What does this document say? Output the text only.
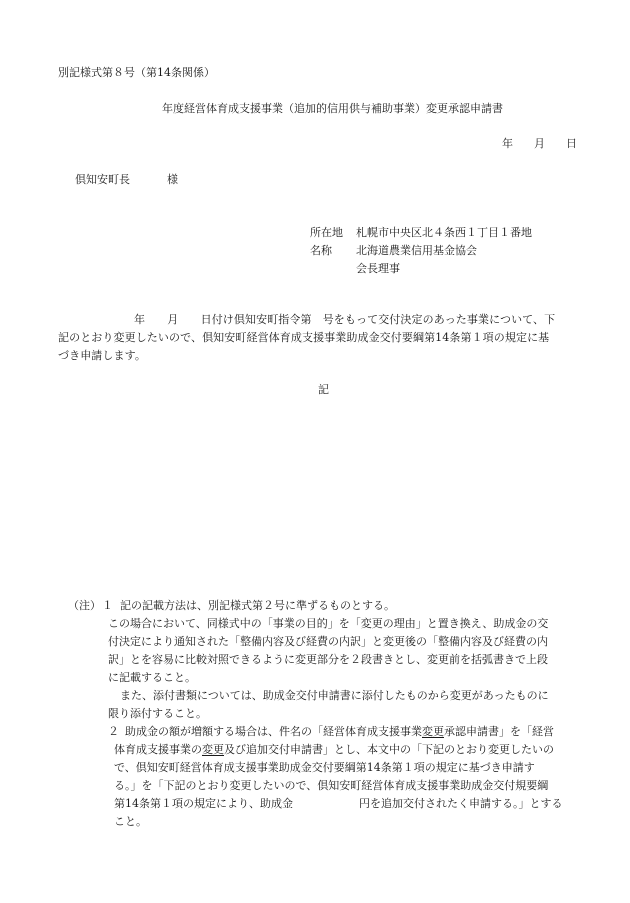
別記様式第８号（第14条関係）
年度経営体育成支援事業（追加的信用供与補助事業）変更承認申請書
年 月 日
倶知安町長	様
所在地 札幌市中央区北４条西１丁目１番地
名称 北海道農業信用基金協会
会長理事
年　　月　　日付け倶知安町指令第　号をもって交付決定のあった事業について、下
記のとおり変更したいので、倶知安町経営体育成支援事業助成金交付要綱第14条第１項の規定に基
づき申請します。
記
（注） １ 記の記載方法は、別記様式第２号に準ずるものとする。
この場合において、同様式中の「事業の目的」を「変更の理由」と置き換え、助成金の交
付決定により通知された「整備内容及び経費の内訳」と変更後の「整備内容及び経費の内
訳」とを容易に比較対照できるように変更部分を２段書きとし、変更前を括弧書きで上段
に記載すること。
また、添付書類については、助成金交付申請書に添付したものから変更があったものに
限り添付すること。
２ 助成金の額が増額する場合は、件名の「経営体育成支援事業変更承認申請書」を「経営
体育成支援事業の変更及び追加交付申請書」とし、本文中の「下記のとおり変更したいの
で、倶知安町経営体育成支援事業助成金交付要綱第14条第１項の規定に基づき申請す
る。」を「下記のとおり変更したいので、倶知安町経営体育成支援事業助成金交付規要綱
第14条第１項の規定により、助成金　　　　　　円を追加交付されたく申請する。」とする
こと。
